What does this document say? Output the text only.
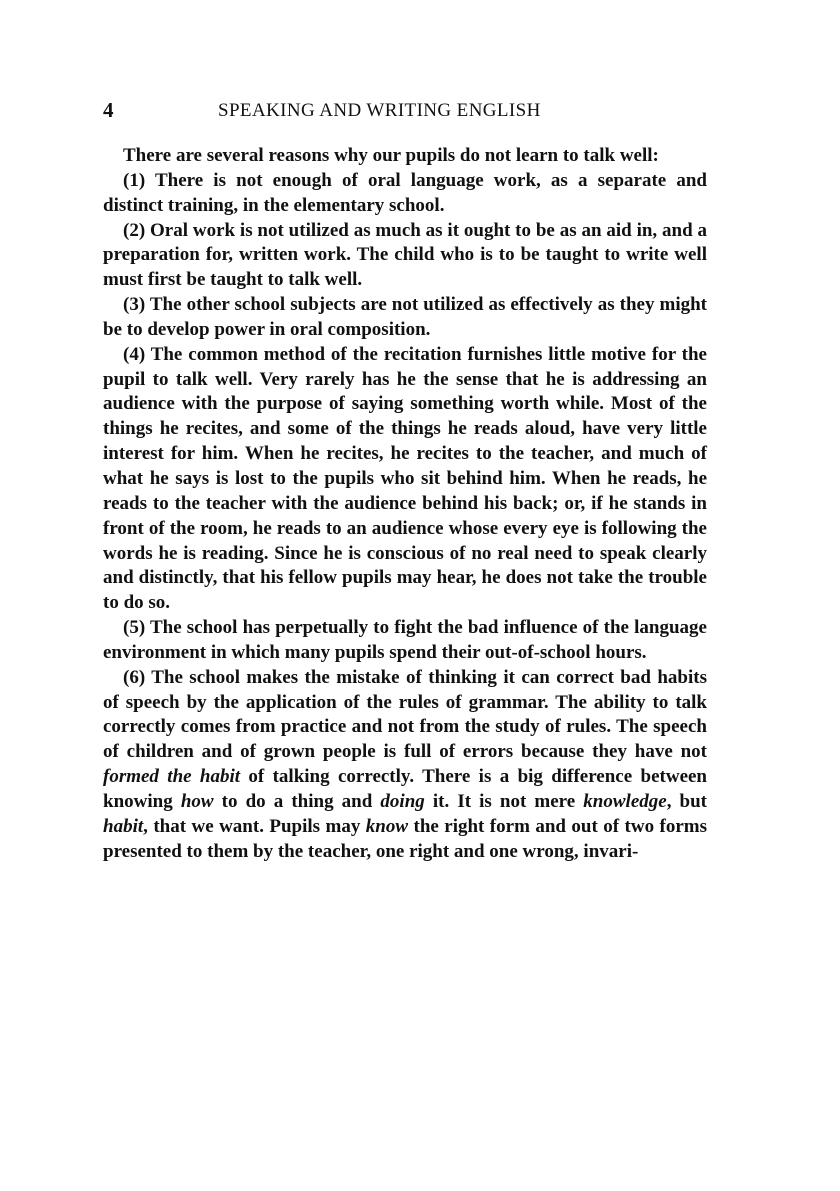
4	SPEAKING AND WRITING ENGLISH

There are several reasons why our pupils do not learn to talk well:

(1) There is not enough of oral language work, as a separate and distinct training, in the elementary school.

(2) Oral work is not utilized as much as it ought to be as an aid in, and a preparation for, written work. The child who is to be taught to write well must first be taught to talk well.

(3) The other school subjects are not utilized as effectively as they might be to develop power in oral composition.

(4) The common method of the recitation furnishes little motive for the pupil to talk well. Very rarely has he the sense that he is addressing an audience with the purpose of saying something worth while. Most of the things he recites, and some of the things he reads aloud, have very little interest for him. When he recites, he recites to the teacher, and much of what he says is lost to the pupils who sit behind him. When he reads, he reads to the teacher with the audience behind his back; or, if he stands in front of the room, he reads to an audience whose every eye is following the words he is reading. Since he is conscious of no real need to speak clearly and distinctly, that his fellow pupils may hear, he does not take the trouble to do so.

(5) The school has perpetually to fight the bad influence of the language environment in which many pupils spend their out-of-school hours.

(6) The school makes the mistake of thinking it can correct bad habits of speech by the application of the rules of grammar. The ability to talk correctly comes from practice and not from the study of rules. The speech of children and of grown people is full of errors because they have not formed the habit of talking correctly. There is a big difference between knowing how to do a thing and doing it. It is not mere knowledge, but habit, that we want. Pupils may know the right form and out of two forms presented to them by the teacher, one right and one wrong, invari-
